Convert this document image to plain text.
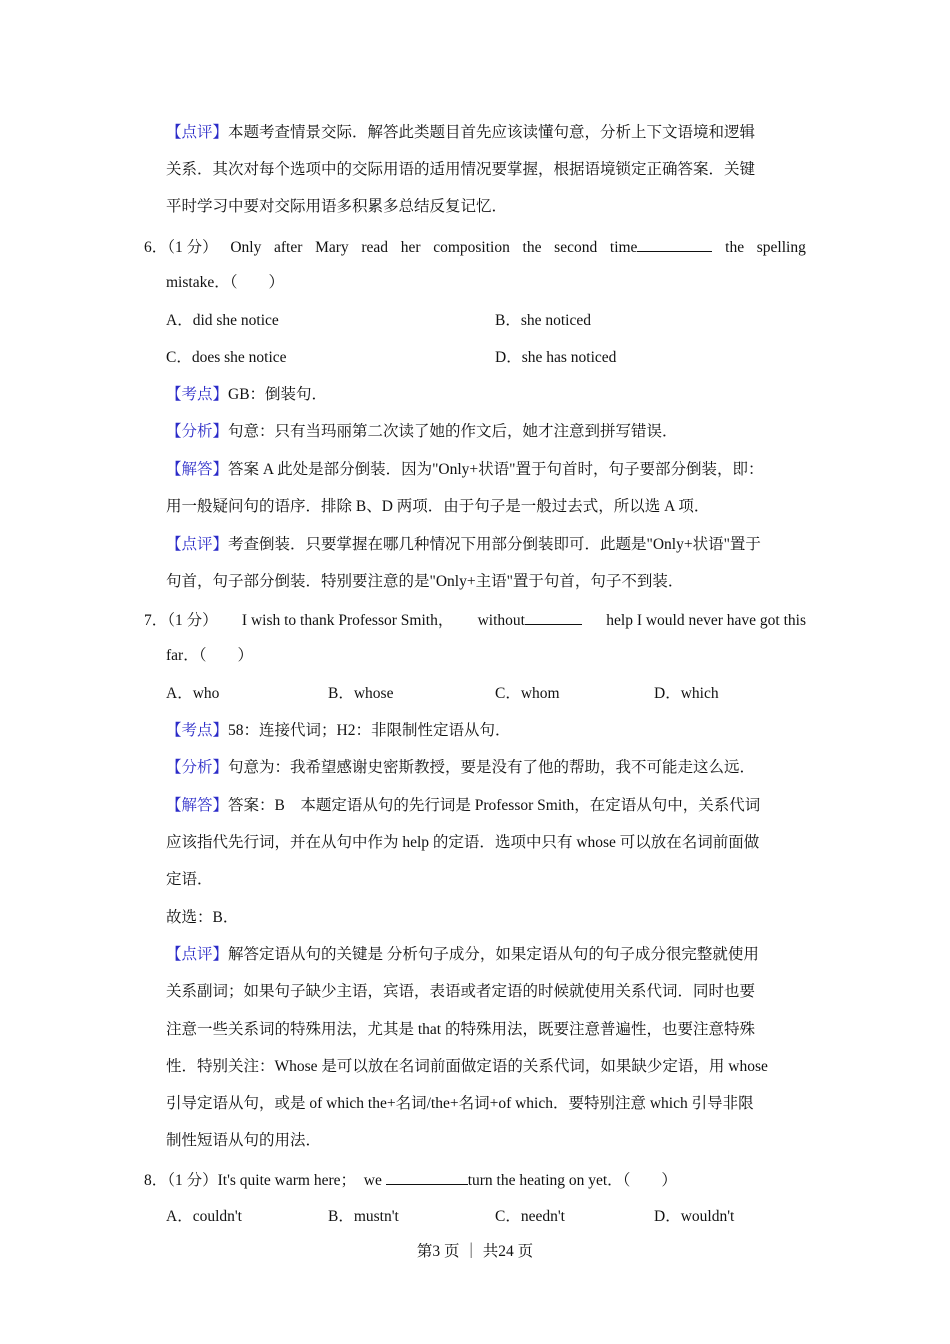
【点评】本题考查情景交际．解答此类题目首先应该读懂句意，分析上下文语境和逻辑
关系．其次对每个选项中的交际用语的适用情况要掌握，根据语境锁定正确答案．关键
平时学习中要对交际用语多积累多总结反复记忆．
6．（1 分） Only after Mary read her composition the second time	the spelling
mistake．（　　）
A．did she notice	B．she noticed
C．does she notice	D．she has noticed
【考点】GB：倒装句．
【分析】句意：只有当玛丽第二次读了她的作文后，她才注意到拼写错误．
【解答】答案 A 此处是部分倒装．因为"Only+状语"置于句首时，句子要部分倒装，即：
用一般疑问句的语序．排除 B、D 两项．由于句子是一般过去式，所以选 A 项．
【点评】考查倒装．只要掌握在哪几种情况下用部分倒装即可．此题是"Only+状语"置于
句首，句子部分倒装．特别要注意的是"Only+主语"置于句首，句子不到装．
7．（1 分） I wish to thank Professor Smith， without	help I would never have got this
far．（　　）
A．who	B．whose	C．whom	D．which
【考点】58：连接代词；H2：非限制性定语从句．
【分析】句意为：我希望感谢史密斯教授，要是没有了他的帮助，我不可能走这么远．
【解答】答案：B　本题定语从句的先行词是 Professor Smith，在定语从句中，关系代词
应该指代先行词，并在从句中作为 help 的定语．选项中只有 whose 可以放在名词前面做
定语．
故选：B．
【点评】解答定语从句的关键是 分析句子成分，如果定语从句的句子成分很完整就使用
关系副词；如果句子缺少主语，宾语，表语或者定语的时候就使用关系代词．同时也要
注意一些关系词的特殊用法，尤其是 that 的特殊用法，既要注意普遍性，也要注意特殊
性．特别关注：Whose 是可以放在名词前面做定语的关系代词，如果缺少定语，用 whose
引导定语从句，或是 of which the+名词/the+名词+of which．要特别注意 which 引导非限
制性短语从句的用法．
8．（1 分）It's quite warm here；　we	turn the heating on yet．（　　）
A．couldn't	B．mustn't	C．needn't	D．wouldn't
第3 页 ｜ 共24 页
